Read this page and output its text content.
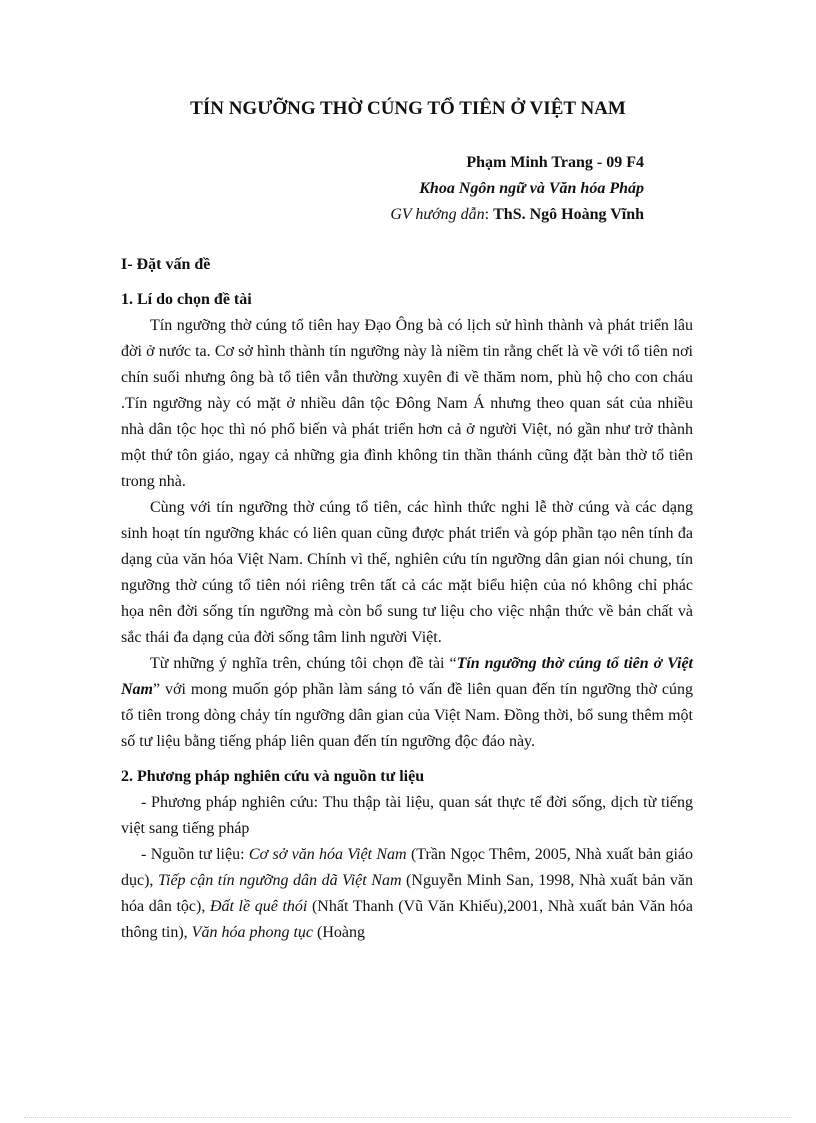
TÍN NGƯỠNG THỜ CÚNG TỔ TIÊN Ở VIỆT NAM
Phạm Minh Trang - 09 F4
Khoa Ngôn ngữ và Văn hóa Pháp
GV hướng dẫn: ThS. Ngô Hoàng Vĩnh

I- Đặt vấn đề

1. Lí do chọn đề tài

Tín ngưỡng thờ cúng tổ tiên hay Đạo Ông bà có lịch sử hình thành và phát triển lâu đời ở nước ta. Cơ sở hình thành tín ngưỡng này là niềm tin rằng chết là về với tổ tiên nơi chín suối nhưng ông bà tổ tiên vẫn thường xuyên đi về thăm nom, phù hộ cho con cháu .Tín ngưỡng này có mặt ở nhiều dân tộc Đông Nam Á nhưng theo quan sát của nhiều nhà dân tộc học thì nó phổ biến và phát triển hơn cả ở người Việt, nó gần như trở thành một thứ tôn giáo, ngay cả những gia đình không tin thần thánh cũng đặt bàn thờ tổ tiên trong nhà.

Cùng với tín ngưỡng thờ cúng tổ tiên, các hình thức nghi lễ thờ cúng và các dạng sinh hoạt tín ngưỡng khác có liên quan cũng được phát triển và góp phần tạo nên tính đa dạng của văn hóa Việt Nam. Chính vì thế, nghiên cứu tín ngưỡng dân gian nói chung, tín ngưỡng thờ cúng tổ tiên nói riêng trên tất cả các mặt biểu hiện của nó không chỉ phác họa nên đời sống tín ngưỡng mà còn bổ sung tư liệu cho việc nhận thức về bản chất và sắc thái đa dạng của đời sống tâm linh người Việt.

Từ những ý nghĩa trên, chúng tôi chọn đề tài “Tín ngưỡng thờ cúng tổ tiên ở Việt Nam” với mong muốn góp phần làm sáng tỏ vấn đề liên quan đến tín ngưỡng thờ cúng tổ tiên trong dòng chảy tín ngưỡng dân gian của Việt Nam. Đồng thời, bổ sung thêm một số tư liệu bằng tiếng pháp liên quan đến tín ngưỡng độc đáo này.

2. Phương pháp nghiên cứu và nguồn tư liệu

- Phương pháp nghiên cứu: Thu thập tài liệu, quan sát thực tế đời sống, dịch từ tiếng việt sang tiếng pháp

- Nguồn tư liệu: Cơ sở văn hóa Việt Nam (Trần Ngọc Thêm, 2005, Nhà xuất bản giáo dục), Tiếp cận tín ngưỡng dân dã Việt Nam (Nguyễn Minh San, 1998, Nhà xuất bản văn hóa dân tộc), Đất lề quê thói (Nhất Thanh (Vũ Văn Khiếu),2001, Nhà xuất bản Văn hóa thông tin), Văn hóa phong tục (Hoàng
